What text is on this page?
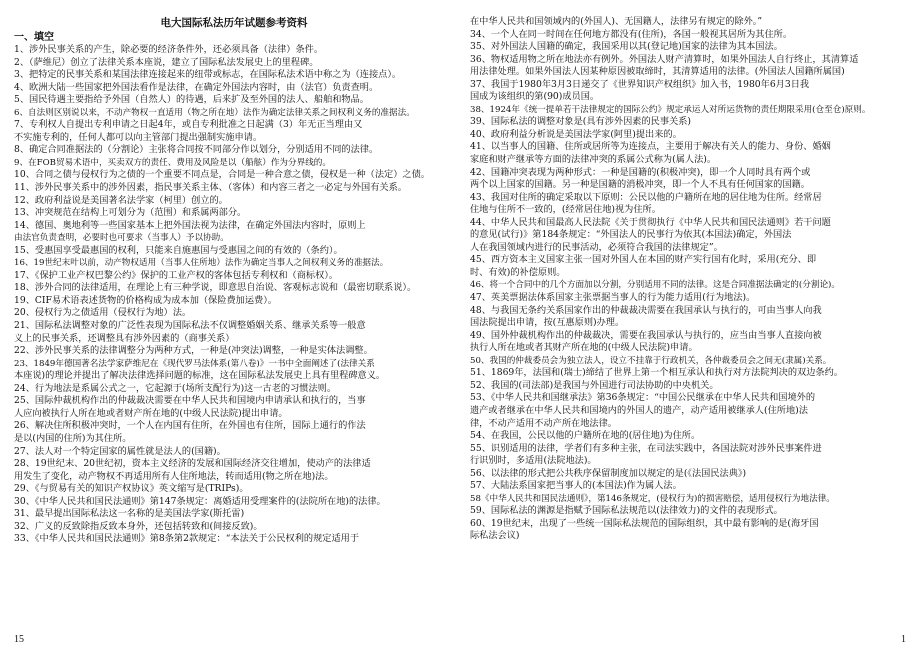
电大国际私法历年试题参考资料
一、填空
1、涉外民事关系的产生，除必要的经济条件外，还必须具备（法律）条件。
2、（萨维尼）创立了法律关系本座说，建立了国际私法发展史上的里程碑。
3、把特定的民事关系和某国法律连接起来的纽带或标志，在国际私法术语中称之为（连接点）。
4、欧洲大陆一些国家把外国法看作是法律，在确定外国法内容时，由（法官）负责查明。
5、国民待遇主要指给予外国（自然人）的待遇，后来扩及至外国的法人、船舶和物品。
6、自法则区别说以来，不动产物权一直适用（物之所在地）法作为确定法律关系之间权利义务的准据法。
7、专利权人自提出专利申请之日起4年，或自专利批准之日起满（3）年无正当理由又
不实施专利的，任何人都可以向主管部门提出强制实施申请。
8、确定合同准据法的（分割论）主张将合同按不同部分作以划分，分别适用不同的法律。
9、在FOB贸易术语中，买卖双方的责任、费用及风险是以（船舷）作为分界线的。
10、合同之债与侵权行为之债的一个重要不同点是，合同是一种合意之债，侵权是一种（法定）之债。
11、涉外民事关系中的涉外因素，指民事关系主体、（客体）和内容三者之一必定与外国有关系。
12、政府利益说是美国著名法学家（柯里）创立的。
13、冲突规范在结构上可划分为（范围）和系属两部分。
14、德国、奥地利等一些国家基本上把外国法视为法律，在确定外国法内容时，原则上
由法官负责查明，必要时也可要求（当事人）予以协助。
15、受惠国享受最惠国的权利，只能来自施惠国与受惠国之间的有效的（条约）。
16、19世纪末叶以前，动产物权适用（当事人住所地）法作为确定当事人之间权利义务的准据法。
17、《保护工业产权巴黎公约》保护的工业产权的客体包括专利权和（商标权）。
18、涉外合同的法律适用，在理论上有三种学说，即意思自治说、客观标志说和（最密切联系说）。
19、CIF易术语表述货物的价格构成为成本加（保险费加运费）。
20、侵权行为之债适用（侵权行为地）法。
21、国际私法调整对象的广泛性表现为国际私法不仅调整婚姻关系、继承关系等一般意
义上的民事关系，还调整具有涉外因素的（商事关系）
22、涉外民事关系的法律调整分为两种方式，一种是(冲突法)调整，一种是实体法调整。
23、1849年德国著名法学家萨维尼在《现代罗马法体系(第八卷)》一书中全面阐述了(法律关系
本座说)的理论并提出了解决法律选择问题的标准，这在国际私法发展史上具有里程碑意义。
24、行为地法是系属公式之一，它起源于(场所支配行为)这一古老的习惯法则。
25、国际仲裁机构作出的仲裁裁决需要在中华人民共和国境内申请承认和执行的，当事
人应向被执行人所在地或者财产所在地的(中级人民法院)提出申请。
26、解决住所积极冲突时，一个人在内国有住所，在外国也有住所，国际上通行的作法
是以(内国的住所)为其住所。
27、法人对一个特定国家的属性就是法人的(国籍)。
28、19世纪末、20世纪初，资本主义经济的发展和国际经济交往增加，使动产的法律适
用发生了变化，动产物权不再适用所有人住所地法，转而适用(物之所在地)法。
29、《与贸易有关的知识产权协议》英文缩写是(TRIPs)。
30、《中华人民共和国民法通则》第147条规定：离婚适用受理案件的(法院所在地)的法律。
31、最早提出国际私法这一名称的是美国法学家(斯托雷)
32、广义的反致除指反致本身外，还包括转致和(间接反致)。
33、《中华人民共和国民法通则》第8条第2款规定：“本法关于公民权利的规定适用于
在中华人民共和国领域内的(外国人)、无国籍人，法律另有规定的除外。”
34、一个人在同一时间在任何地方都没有(住所)，各国一般视其居所为其住所。
35、对外国法人国籍的确定，我国采用以其(登记地)国家的法律为其本国法。
36、物权适用物之所在地法亦有例外。外国法人财产清算时，如果外国法人自行终止，其清算适
用法律处理。如果外国法人因某种原因被取缔时，其清算适用的法律。(外国法人国籍所属国)
37、我国于1980年3月3日递交了《世界知识产权组织》加入书，1980年6月3日我
国成为该组织的第(90)成员国。
38、1924年《统一提单若干法律规定的国际公约》规定承运人对所运货物的责任期限采用(仓至仓)原则。
39、国际私法的调整对象是(具有涉外因素的民事关系)
40、政府利益分析说是美国法学家(阿里)提出来的。
41、以当事人的国籍、住所或居所等为连接点，主要用于解决有关人的能力、身份、婚姻
家庭和财产继承等方面的法律冲突的系属公式称为(属人法)。
42、国籍冲突表现为两种形式：一种是国籍的(积极冲突)，即一个人同时具有两个或
两个以上国家的国籍。另一种是国籍的消极冲突，即一个人不具有任何国家的国籍。
43、我国对住所的确定采取以下原则：公民以他的户籍所在地的居住地为住所。经常居
住地与住所不一致的，(经常居住地)视为住所。
44、中华人民共和国最高人民法院《关于贯彻执行《中华人民共和国民法通则》若干问题
的意见(试行)》第184条规定：“外国法人的民事行为依其(本国法)确定，外国法
人在我国领域内进行的民事活动，必须符合我国的法律规定”。
45、西方资本主义国家主张一国对外国人在本国的财产实行国有化时，采用(充分、即
时、有效)的补偿原则。
46、将一个合同中的几个方面加以分割，分别适用不同的法律。这是合同准据法确定的(分割论)。
47、英美票据法体系国家主张票据当事人的行为能力适用(行为地法)。
48、与我国无条约关系国家作出的仲裁裁决需要在我国承认与执行的，可由当事人向我
国法院提出申请，按(互惠原则)办理。
49、国外仲裁机构作出的仲裁裁决，需要在我国承认与执行的，应当由当事人直接向被
执行人所在地或者其财产所在地的(中级人民法院)申请。
50、我国的仲裁委员会为独立法人，设立不挂靠于行政机关，各仲裁委员会之间无(隶属)关系。
51、1869年，法国和(瑞士)缔结了世界上第一个相互承认和执行对方法院判决的双边条约。
52、我国的(司法部)是我国与外国进行司法协助的中央机关。
53、《中华人民共和国继承法》第36条规定：“中国公民继承在中华人民共和国境外的
遗产或者继承在中华人民共和国境内的外国人的遗产，动产适用被继承人(住所地)法
律，不动产适用不动产所在地法律。
54、在我国，公民以他的户籍所在地的(居住地)为住所。
55、识别适用的法律，学者们有多种主张，在司法实践中，各国法院对涉外民事案件进
行识别时，多适用(法院地法)。
56、以法律的形式把公共秩序保留制度加以规定的是(《法国民法典》)
57、大陆法系国家把当事人的(本国法)作为属人法。
58《中华人民共和国民法通则》，第146条规定，(侵权行为)的损害赔偿，适用侵权行为地法律。
59、国际私法的渊源是指赋予国际私法规范以(法律效力)的文件的表现形式。
60、19世纪末，出现了一些统一国际私法规范的国际组织，其中最有影响的是(海牙国
际私法会议)
15	1
